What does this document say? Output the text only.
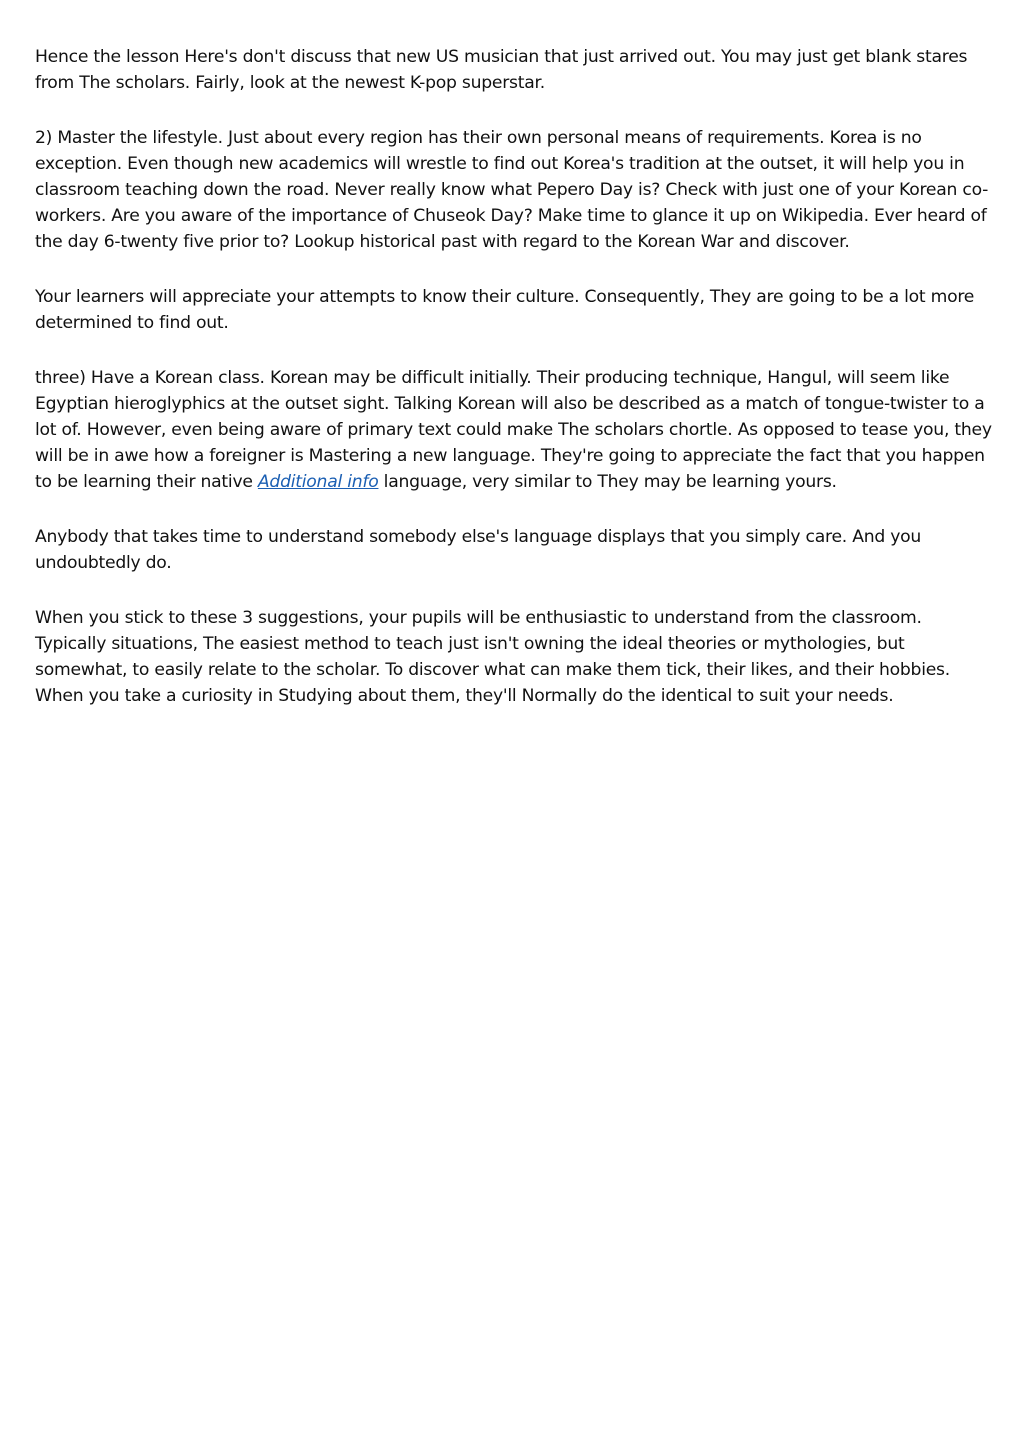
Hence the lesson Here's don't discuss that new US musician that just arrived out. You may just get blank stares from The scholars. Fairly, look at the newest K-pop superstar.

2) Master the lifestyle. Just about every region has their own personal means of requirements. Korea is no exception. Even though new academics will wrestle to find out Korea's tradition at the outset, it will help you in classroom teaching down the road. Never really know what Pepero Day is? Check with just one of your Korean co-workers. Are you aware of the importance of Chuseok Day? Make time to glance it up on Wikipedia. Ever heard of the day 6-twenty five prior to? Lookup historical past with regard to the Korean War and discover.

Your learners will appreciate your attempts to know their culture. Consequently, They are going to be a lot more determined to find out.

three) Have a Korean class. Korean may be difficult initially. Their producing technique, Hangul, will seem like Egyptian hieroglyphics at the outset sight. Talking Korean will also be described as a match of tongue-twister to a lot of. However, even being aware of primary text could make The scholars chortle. As opposed to tease you, they will be in awe how a foreigner is Mastering a new language. They're going to appreciate the fact that you happen to be learning their native Additional info language, very similar to They may be learning yours.

Anybody that takes time to understand somebody else's language displays that you simply care. And you undoubtedly do.

When you stick to these 3 suggestions, your pupils will be enthusiastic to understand from the classroom. Typically situations, The easiest method to teach just isn't owning the ideal theories or mythologies, but somewhat, to easily relate to the scholar. To discover what can make them tick, their likes, and their hobbies. When you take a curiosity in Studying about them, they'll Normally do the identical to suit your needs.
